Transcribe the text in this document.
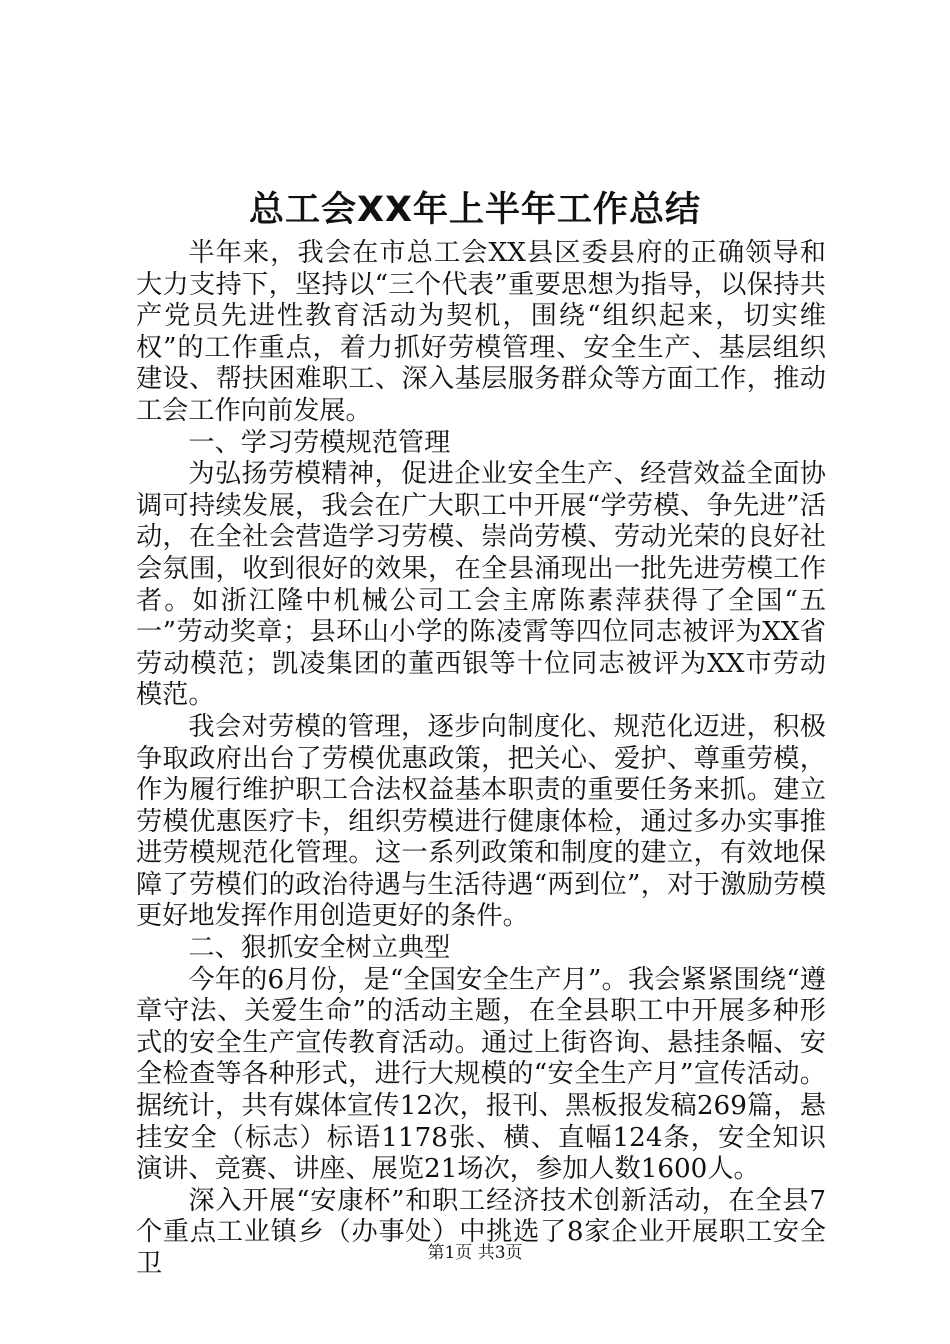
总工会XX年上半年工作总结

半年来，我会在市总工会XX县区委县府的正确领导和大力支持下，坚持以“三个代表”重要思想为指导，以保持共产党员先进性教育活动为契机，围绕“组织起来，切实维权”的工作重点，着力抓好劳模管理、安全生产、基层组织建设、帮扶困难职工、深入基层服务群众等方面工作，推动工会工作向前发展。

一、学习劳模规范管理

为弘扬劳模精神，促进企业安全生产、经营效益全面协调可持续发展，我会在广大职工中开展“学劳模、争先进”活动，在全社会营造学习劳模、崇尚劳模、劳动光荣的良好社会氛围，收到很好的效果，在全县涌现出一批先进劳模工作者。如浙江隆中机械公司工会主席陈素萍获得了全国“五一”劳动奖章；县环山小学的陈凌霄等四位同志被评为XX省劳动模范；凯凌集团的董西银等十位同志被评为XX市劳动模范。

我会对劳模的管理，逐步向制度化、规范化迈进，积极争取政府出台了劳模优惠政策，把关心、爱护、尊重劳模，作为履行维护职工合法权益基本职责的重要任务来抓。建立劳模优惠医疗卡，组织劳模进行健康体检，通过多办实事推进劳模规范化管理。这一系列政策和制度的建立，有效地保障了劳模们的政治待遇与生活待遇“两到位”，对于激励劳模更好地发挥作用创造更好的条件。

二、狠抓安全树立典型

今年的6月份，是“全国安全生产月”。我会紧紧围绕“遵章守法、关爱生命”的活动主题，在全县职工中开展多种形式的安全生产宣传教育活动。通过上街咨询、悬挂条幅、安全检查等各种形式，进行大规模的“安全生产月”宣传活动。据统计，共有媒体宣传12次，报刊、黑板报发稿269篇，悬挂安全（标志）标语1178张、横、直幅124条，安全知识演讲、竞赛、讲座、展览21场次，参加人数1600人。

深入开展“安康杯”和职工经济技术创新活动，在全县7个重点工业镇乡（办事处）中挑选了8家企业开展职工安全卫	第1页 共3页
